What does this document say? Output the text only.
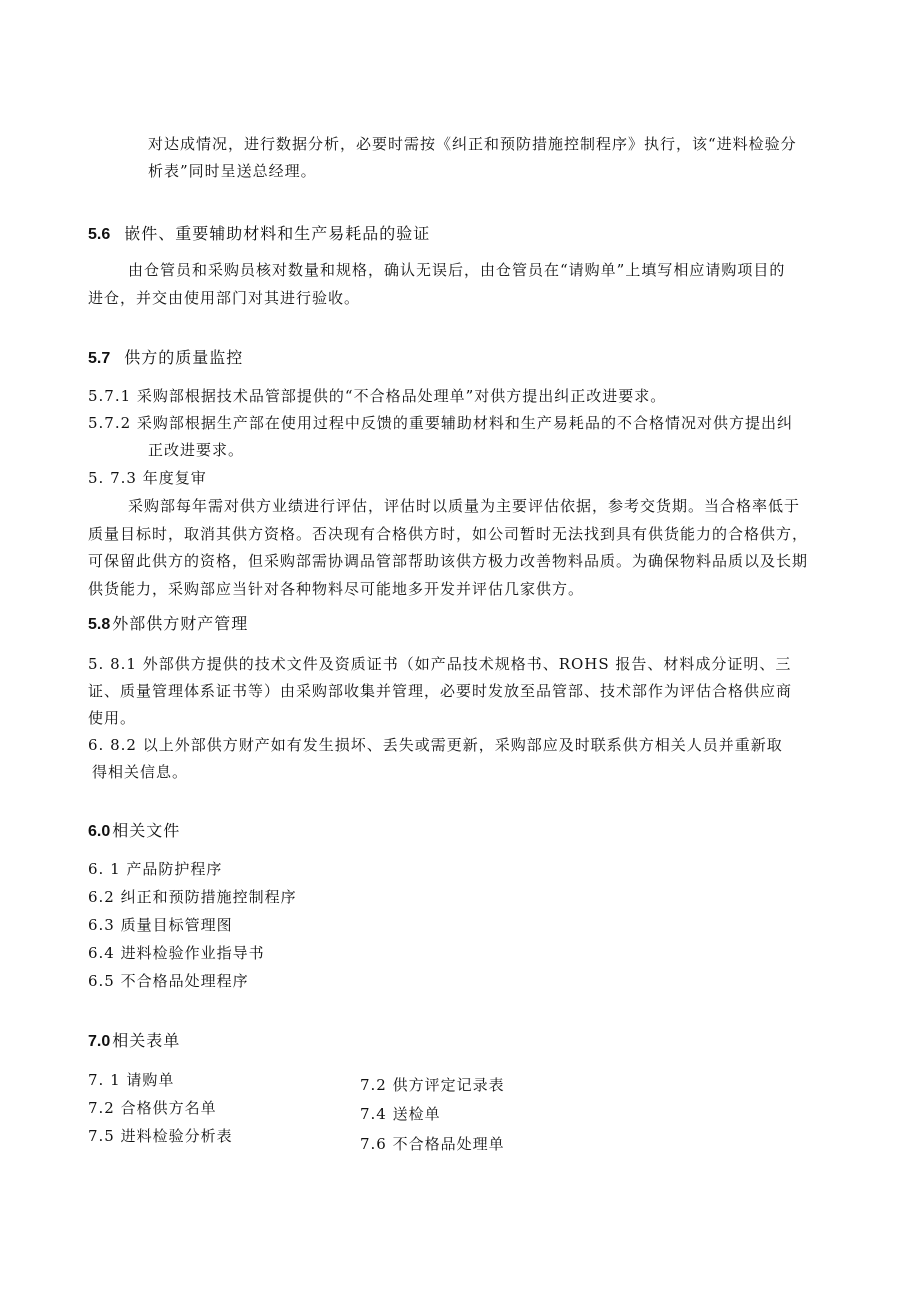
对达成情况，进行数据分析，必要时需按《纠正和预防措施控制程序》执行，该“进料检验分
析表”同时呈送总经理。
5.6 嵌件、重要辅助材料和生产易耗品的验证
由仓管员和采购员核对数量和规格，确认无误后，由仓管员在“请购单”上填写相应请购项目的
进仓，并交由使用部门对其进行验收。
5.7 供方的质量监控
5.7.1 采购部根据技术品管部提供的“不合格品处理单”对供方提出纠正改进要求。
5.7.2 采购部根据生产部在使用过程中反馈的重要辅助材料和生产易耗品的不合格情况对供方提出纠
正改进要求。
5. 7.3 年度复审
采购部每年需对供方业绩进行评估，评估时以质量为主要评估依据，参考交货期。当合格率低于
质量目标时，取消其供方资格。否决现有合格供方时，如公司暂时无法找到具有供货能力的合格供方，
可保留此供方的资格，但采购部需协调品管部帮助该供方极力改善物料品质。为确保物料品质以及长期
供货能力，采购部应当针对各种物料尽可能地多开发并评估几家供方。
5.8 外部供方财产管理
5. 8.1 外部供方提供的技术文件及资质证书（如产品技术规格书、ROHS 报告、材料成分证明、三
证、质量管理体系证书等）由采购部收集并管理，必要时发放至品管部、技术部作为评估合格供应商
使用。
6. 8.2 以上外部供方财产如有发生损坏、丢失或需更新，采购部应及时联系供方相关人员并重新取
得相关信息。
6.0 相关文件
6. 1 产品防护程序
6.2 纠正和预防措施控制程序
6.3 质量目标管理图
6.4 进料检验作业指导书
6.5 不合格品处理程序
7.0 相关表单
7. 1 请购单
7.2 合格供方名单
7.5 进料检验分析表
7.2 供方评定记录表
7.4 送检单
7.6 不合格品处理单
